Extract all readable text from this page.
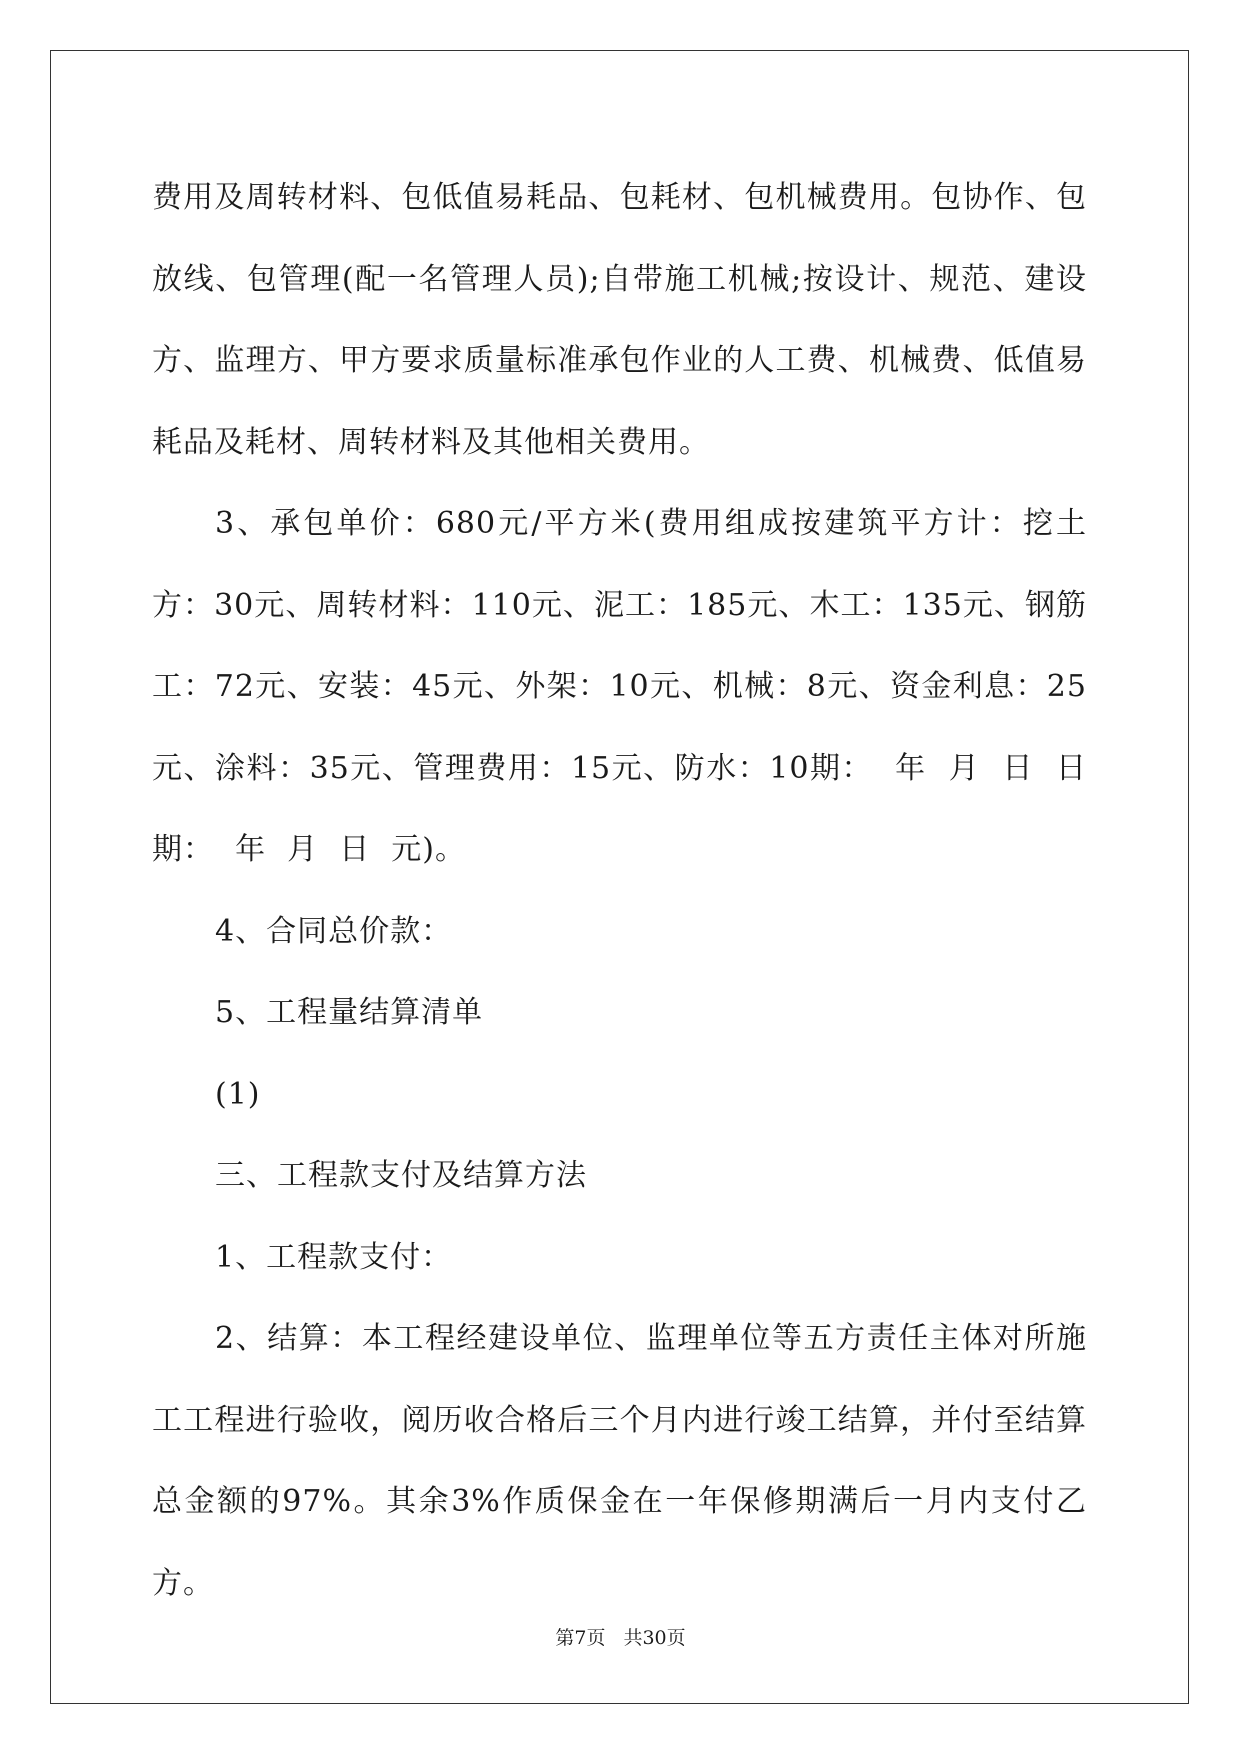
费用及周转材料、包低值易耗品、包耗材、包机械费用。包协作、包放线、包管理(配一名管理人员);自带施工机械;按设计、规范、建设方、监理方、甲方要求质量标准承包作业的人工费、机械费、低值易耗品及耗材、周转材料及其他相关费用。

3、承包单价：680元/平方米(费用组成按建筑平方计：挖土方：30元、周转材料：110元、泥工：185元、木工：135元、钢筋工：72元、安装：45元、外架：10元、机械：8元、资金利息：25元、涂料：35元、管理费用：15元、防水：10期：  年  月  日  日期：  年  月  日  元)。

4、合同总价款：

5、工程量结算清单

(1)

三、工程款支付及结算方法

1、工程款支付：

2、结算：本工程经建设单位、监理单位等五方责任主体对所施工工程进行验收，阅历收合格后三个月内进行竣工结算，并付至结算总金额的97%。其余3%作质保金在一年保修期满后一月内支付乙方。

第7页 共30页
